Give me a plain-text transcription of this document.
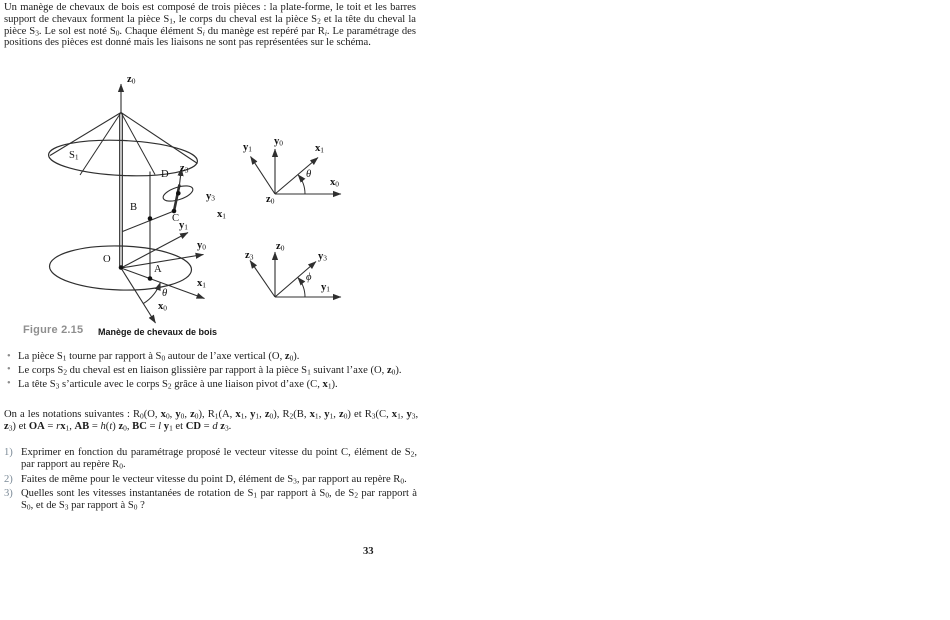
Un manège de chevaux de bois est composé de trois pièces : la plate-forme, le toit et les barres support de chevaux forment la pièce $S_1$, le corps du cheval est la pièce $S_2$ et la tête du cheval la pièce $S_3$. Le sol est noté $S_0$. Chaque élément $S_i$ du manège est repéré par $R_i$. Le paramétrage des positions des pièces est donné mais les liaisons ne sont pas représentées sur le schéma.
$z_0$
$S_1$
D
$z_3$
B
C
$y_3$
$x_1$
$y_1$
$y_0$
O
A
$x_1$
θ
$x_0$
$y_1$
$y_0$
$x_1$
θ
$x_0$
$z_0$
$z_3$
$z_0$
$y_3$
ϕ
$y_1$
Figure 2.15 Manège de chevaux de bois
• La pièce $S_1$ tourne par rapport à $S_0$ autour de l’axe vertical (O, $z_0$).
• Le corps $S_2$ du cheval est en liaison glissière par rapport à la pièce $S_1$ suivant l’axe (O, $z_0$).
• La tête $S_3$ s’articule avec le corps $S_2$ grâce à une liaison pivot d’axe (C, $x_1$).
On a les notations suivantes : $R_0(O$, $x_0$, $y_0$, $z_0$), $R_1(A$, $x_1$, $y_1$, $z_0$), $R_2(B$, $x_1$, $y_1$, $z_0$) et $R_3(C$, $x_1$, $y_3$, $z_3$) et OA = $rx_1$, AB = h(t) $z_0$, BC = l $y_1$ et CD = d $z_3$.
1) Exprimer en fonction du paramétrage proposé le vecteur vitesse du point C, élément de $S_2$, par rapport au repère $R_0$.
2) Faites de même pour le vecteur vitesse du point D, élément de $S_3$, par rapport au repère $R_0$.
3) Quelles sont les vitesses instantanées de rotation de $S_1$ par rapport à $S_0$, de $S_2$ par rapport à $S_0$, et de $S_3$ par rapport à $S_0$ ?
33
